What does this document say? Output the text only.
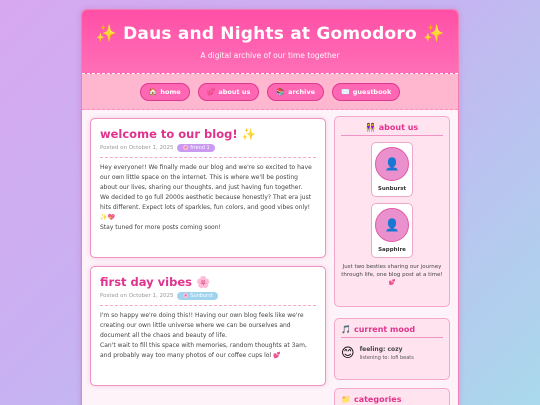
✨ Daus and Nights at Gomodoro ✨
A digital archive of our time together
🏠 home	💕 about us	📚 archive	✉️ guestbook
welcome to our blog! ✨
Posted on October 1, 2025	🌸 friend 1

Hey everyone!! We finally made our blog and we're so excited to have our own little space on the internet. This is where we'll be posting about our lives, sharing our thoughts, and just having fun together.

We decided to go full 2000s aesthetic because honestly? That era just hits different. Expect lots of sparkles, fun colors, and good vibes only! ✨💖

Stay tuned for more posts coming soon!

first day vibes 🌸
Posted on October 1, 2025	🌸 Sunburst

I'm so happy we're doing this!! Having our own blog feels like we're creating our own little universe where we can be ourselves and document all the chaos and beauty of life.

Can't wait to fill this space with memories, random thoughts at 3am, and probably way too many photos of our coffee cups lol 💕

👭 about us
👤
Sunburst
👤
Sapphire
Just two besties sharing our journey through life, one blog post at a time! 💕
🎵 current mood
😊 feeling: cozy
listening to: lofi beats
📁 categories
